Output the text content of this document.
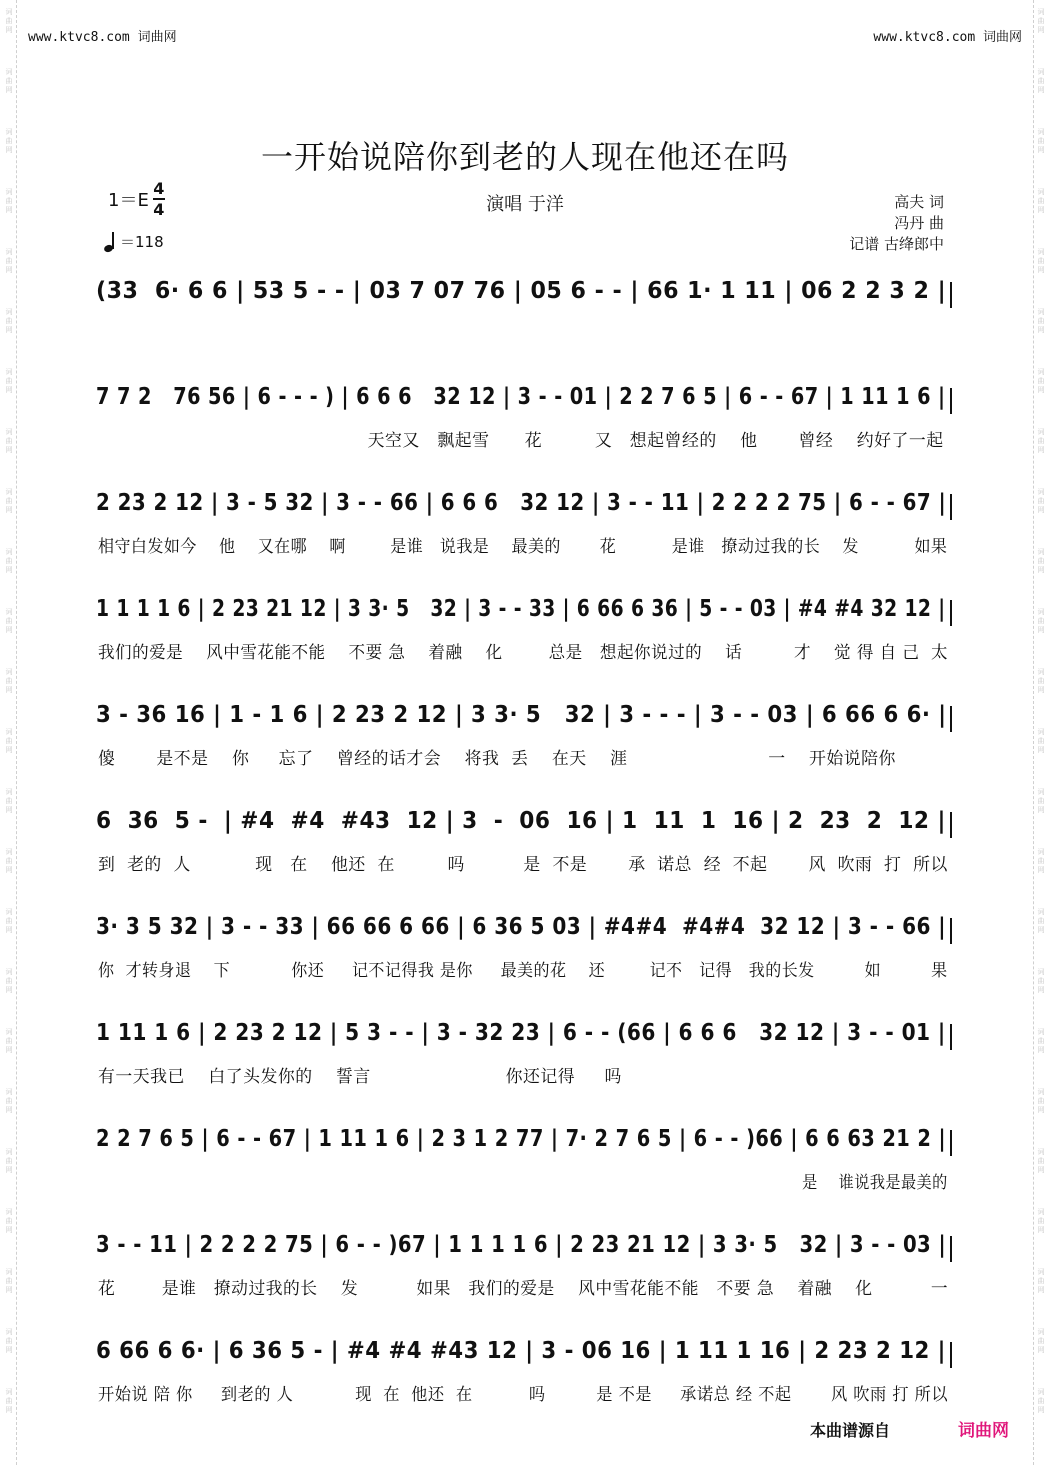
词
曲
网
词
曲
网
词
曲
网
词
曲
网
词
曲
网
词
曲
网
词
曲
网
词
曲
网
词
曲
网
词
曲
网
词
曲
网
词
曲
网
词
曲
网
词
曲
网
词
曲
网
词
曲
网
词
曲
网
词
曲
网
词
曲
网
词
曲
网
词
曲
网
词
曲
网
词
曲
网
词
曲
网
词
曲
网
词
曲
网
词
曲
网
词
曲
网
词
曲
网
词
曲
网
词
曲
网
词
曲
网
词
曲
网
词
曲
网
词
曲
网
词
曲
网
词
曲
网
词
曲
网
词
曲
网
词
曲
网
词
曲
网
词
曲
网
词
曲
网
词
曲
网
词
曲
网
词
曲
网
词
曲
网
词
曲
网
www.ktvc8.com 词曲网	www.ktvc8.com 词曲网
一开始说陪你到老的人现在他还在吗
$1=E \frac{4}{4}$
＝118
演唱 于洋	高夫 词
冯丹 曲
记谱 古绛郎中
(33  6· 6 6 | 53 5 - - | 03 7 07 76 | 05 6 - - | 66 1· 1 11 | 06 2 2 3 2 |
7 7 2   76 56 | 6 - - - ) | 6 6 6   32 12 | 3 - - 01 | 2 2 7 6 5 | 6 - - 67 | 1 11 1 6 |
天空又   飘起雪      花         又   想起曾经的    他       曾经    约好了一起
2 23 2 12 | 3 - 5 32 | 3 - - 66 | 6 6 6   32 12 | 3 - - 11 | 2 2 2 2 75 | 6 - - 67 |
相守白发如今    他    又在哪    啊        是谁   说我是    最美的       花          是谁   撩动过我的长    发          如果
1 1 1 1 6 | 2 23 21 12 | 3 3· 5   32 | 3 - - 33 | 6 66 6 36 | 5 - - 03 | #4 #4 32 12 |
我们的爱是    风中雪花能不能    不要 急    着融    化        总是   想起你说过的    话         才    觉 得 自 己  太
3 - 36 16 | 1 - 1 6 | 2 23 2 12 | 3 3· 5   32 | 3 - - - | 3 - - 03 | 6 66 6 6· |
傻       是不是    你     忘了    曾经的话才会    将我  丢    在天    涯                        一    开始说陪你
6  36  5 -  | #4  #4  #43  12 | 3  -  06  16 | 1  11  1  16 | 2  23  2  12 |
到  老的  人           现   在    他还  在         吗          是  不是       承  诺总  经  不起       风  吹雨  打  所以
3· 3 5 32 | 3 - - 33 | 66 66 6 66 | 6 36 5 03 | #4#4  #4#4  32 12 | 3 - - 66 |
你  才转身退    下           你还     记不记得我 是你     最美的花    还        记不   记得   我的长发         如         果
1 11 1 6 | 2 23 2 12 | 5 3 - - | 3 - 32 23 | 6 - - (66 | 6 6 6   32 12 | 3 - - 01 |
有一天我已    白了头发你的    誓言                       你还记得     吗
2 2 7 6 5 | 6 - - 67 | 1 11 1 6 | 2 3 1 2 77 | 7· 2 7 6 5 | 6 - - )66 | 6 6 63 21 2 |
是    谁说我是最美的
3 - - 11 | 2 2 2 2 75 | 6 - - )67 | 1 1 1 1 6 | 2 23 21 12 | 3 3· 5   32 | 3 - - 03 |
花        是谁   撩动过我的长    发          如果   我们的爱是    风中雪花能不能   不要 急    着融    化          一
6 66 6 6· | 6 36 5 - | #4 #4 #43 12 | 3 - 06 16 | 1 11 1 16 | 2 23 2 12 |
开始说 陪 你     到老的 人           现  在  他还  在          吗         是 不是     承诺总 经 不起       风 吹雨 打 所以
本曲谱源自	词曲网
